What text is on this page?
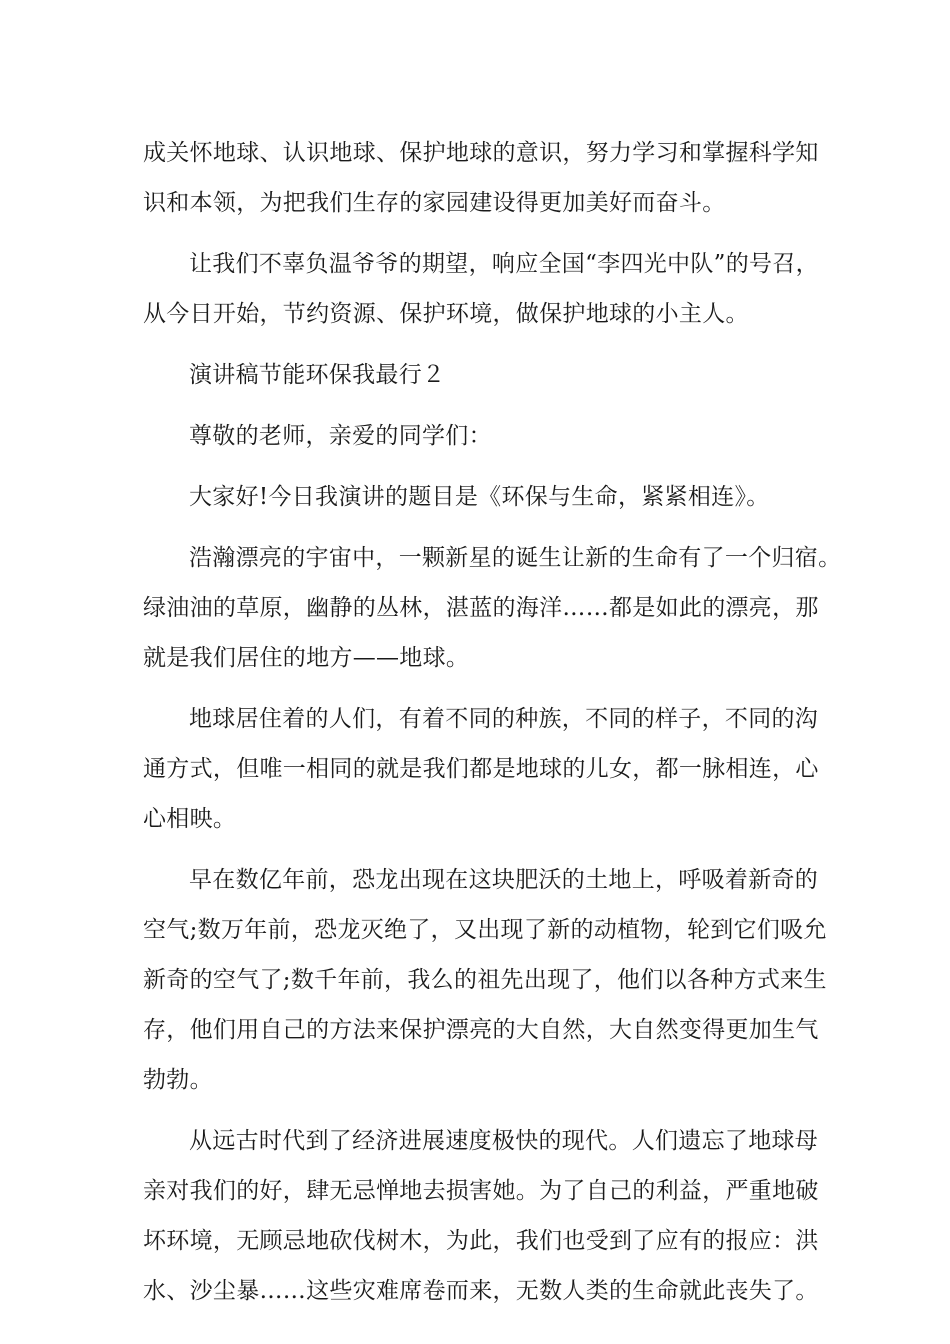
成关怀地球、认识地球、保护地球的意识，努力学习和掌握科学知
识和本领，为把我们生存的家园建设得更加美好而奋斗。
让我们不辜负温爷爷的期望，响应全国“李四光中队”的号召，
从今日开始，节约资源、保护环境，做保护地球的小主人。
演讲稿节能环保我最行２
尊敬的老师，亲爱的同学们：
大家好!今日我演讲的题目是《环保与生命，紧紧相连》。
浩瀚漂亮的宇宙中，一颗新星的诞生让新的生命有了一个归宿。
绿油油的草原，幽静的丛林，湛蓝的海洋……都是如此的漂亮，那
就是我们居住的地方——地球。
地球居住着的人们，有着不同的种族，不同的样子，不同的沟
通方式，但唯一相同的就是我们都是地球的儿女，都一脉相连，心
心相映。
早在数亿年前，恐龙出现在这块肥沃的土地上，呼吸着新奇的
空气;数万年前，恐龙灭绝了，又出现了新的动植物，轮到它们吸允
新奇的空气了;数千年前，我么的祖先出现了，他们以各种方式来生
存，他们用自己的方法来保护漂亮的大自然，大自然变得更加生气
勃勃。
从远古时代到了经济进展速度极快的现代。人们遗忘了地球母
亲对我们的好，肆无忌惮地去损害她。为了自己的利益，严重地破
坏环境，无顾忌地砍伐树木，为此，我们也受到了应有的报应：洪
水、沙尘暴……这些灾难席卷而来，无数人类的生命就此丧失了。
